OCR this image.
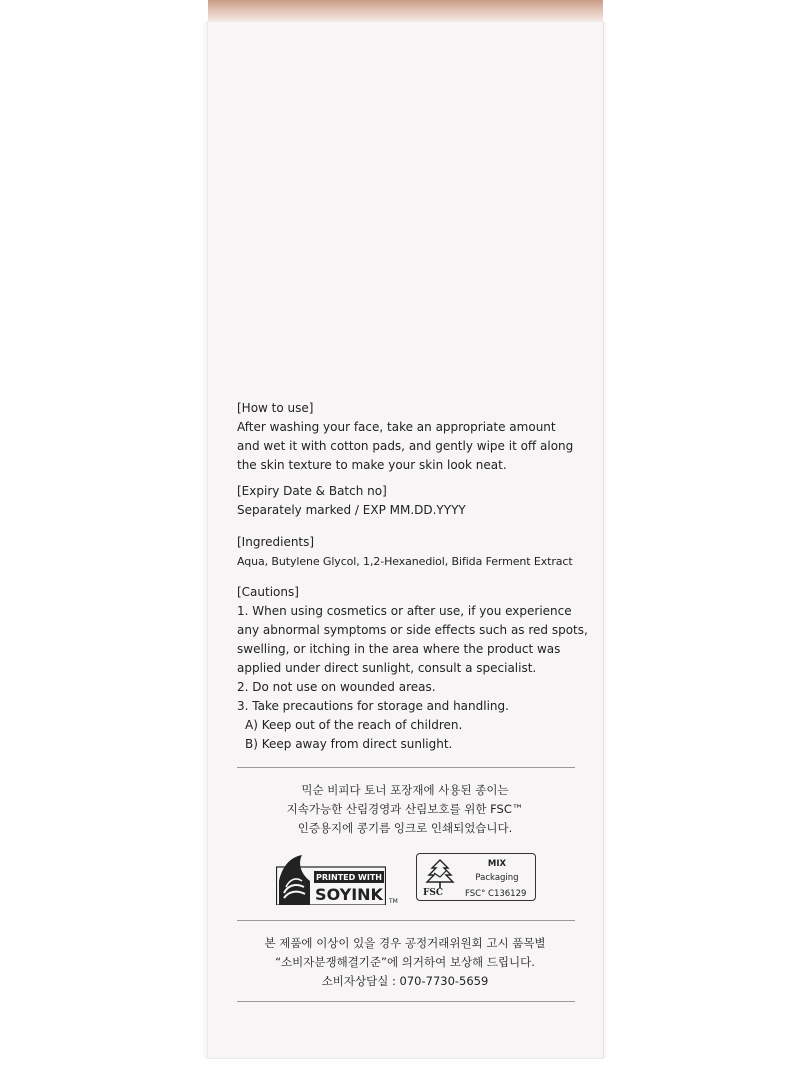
[How to use]

After washing your face, take an appropriate amount

and wet it with cotton pads, and gently wipe it off along

the skin texture to make your skin look neat.

[Expiry Date & Batch no]

Separately marked / EXP MM.DD.YYYY

[Ingredients]

Aqua, Butylene Glycol, 1,2-Hexanediol, Bifida Ferment Extract

[Cautions]

1. When using cosmetics or after use, if you experience

any abnormal symptoms or side effects such as red spots,

swelling, or itching in the area where the product was

applied under direct sunlight, consult a specialist.

2. Do not use on wounded areas.

3. Take precautions for storage and handling.

A) Keep out of the reach of children.

B) Keep away from direct sunlight.

믹순 비피다 토너 포장재에 사용된 종이는
지속가능한 산림경영과 산림보호를 위한 FSC™
인증용지에 콩기름 잉크로 인쇄되었습니다.
PRINTED WITH
SOYINK TM
MIX
Packaging
FSC	FSC° C136129
본 제품에 이상이 있을 경우 공정거래위원회 고시 품목별
“소비자분쟁해결기준”에 의거하여 보상해 드립니다.
소비자상담실 : 070-7730-5659
